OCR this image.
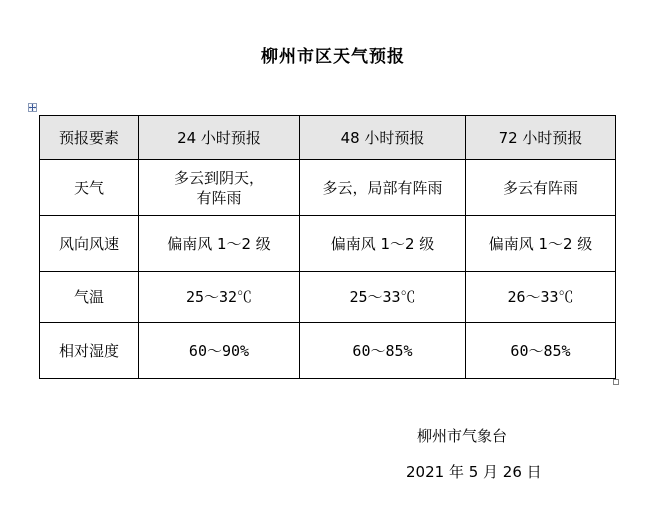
柳州市区天气预报
预报要素	24 小时预报	48 小时预报	72 小时预报
天气	多云到阴天，有阵雨	多云，局部有阵雨	多云有阵雨
风向风速	偏南风 1～2 级	偏南风 1～2 级	偏南风 1～2 级
气温	25～32℃	25～33℃	26～33℃
相对湿度	60～90%	60～85%	60～85%
柳州市气象台
2021 年 5 月 26 日
